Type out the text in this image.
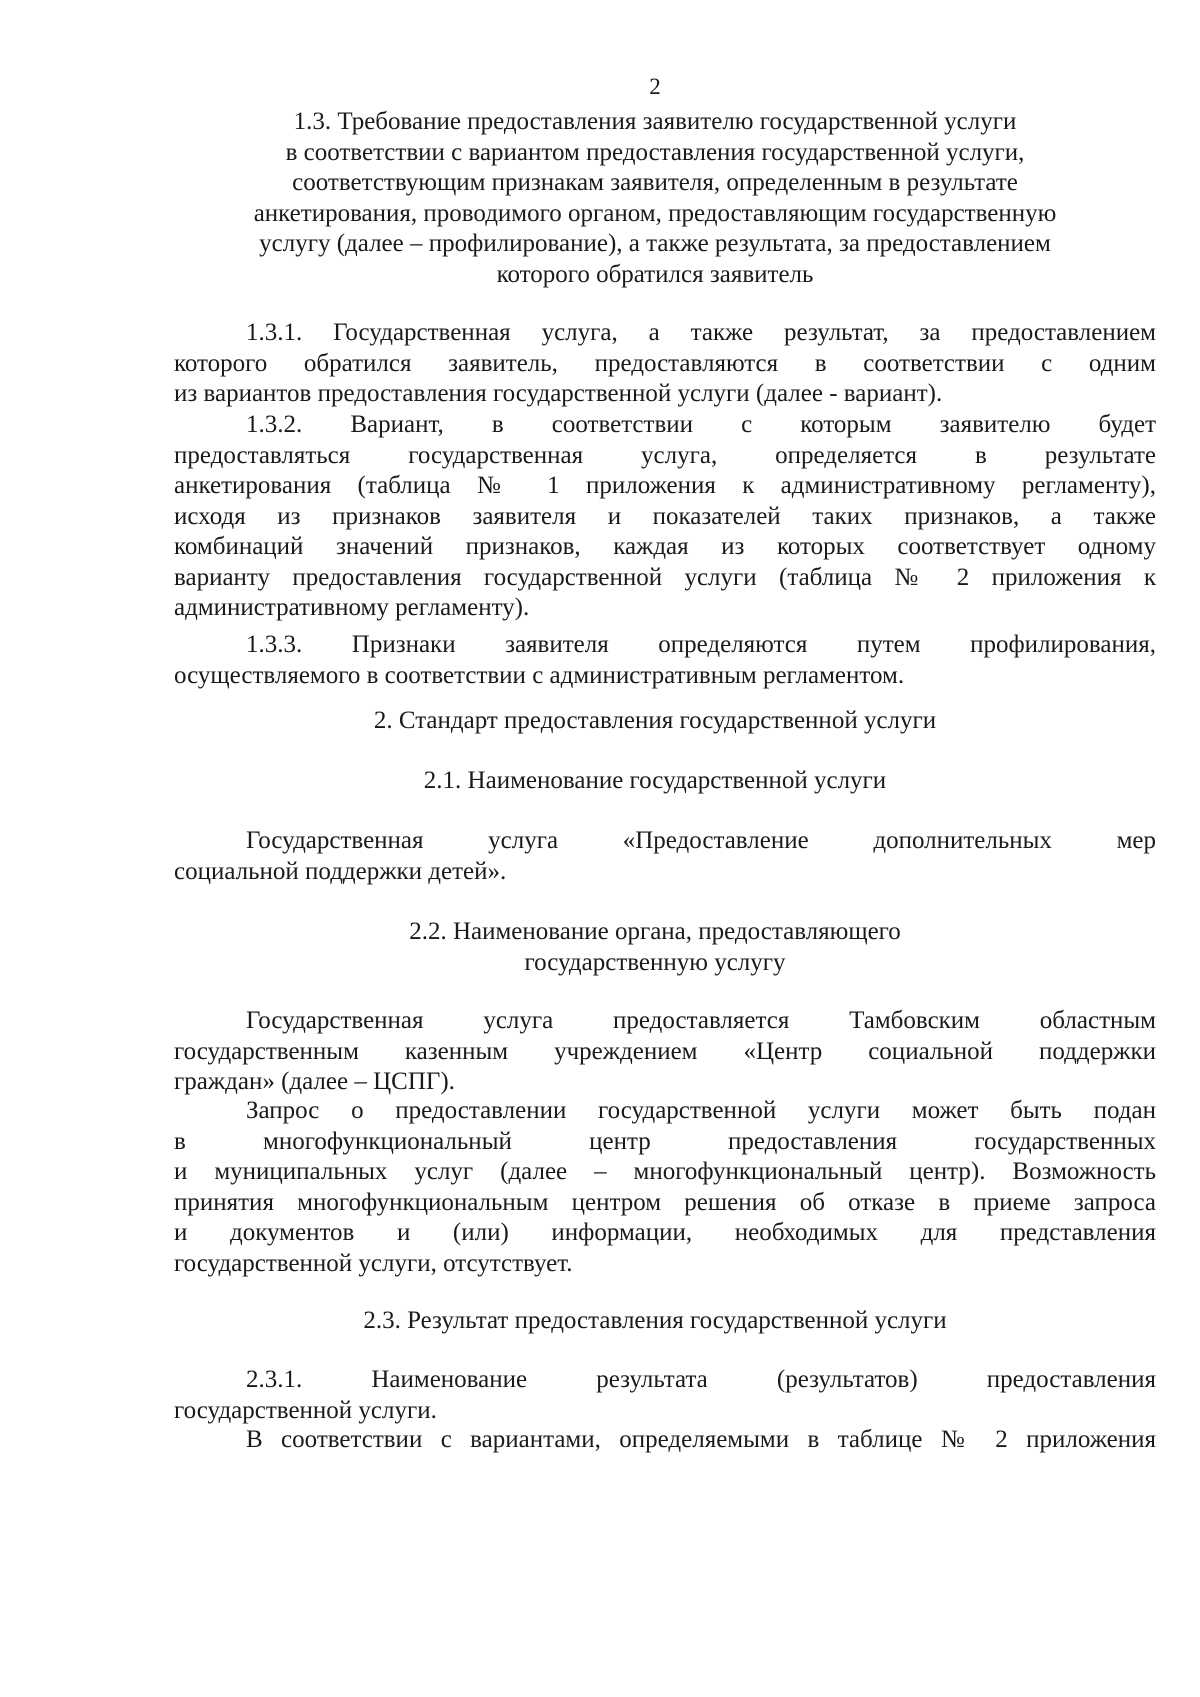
2
1.3. Требование предоставления заявителю государственной услуги
в соответствии с вариантом предоставления государственной услуги,
соответствующим признакам заявителя, определенным в результате
анкетирования, проводимого органом, предоставляющим государственную
услугу (далее – профилирование), а также результата, за предоставлением
которого обратился заявитель
1.3.1. Государственная услуга, а также результат, за предоставлением
которого обратился заявитель, предоставляются в соответствии с одним
из вариантов предоставления государственной услуги (далее - вариант).
1.3.2. Вариант, в соответствии с которым заявителю будет
предоставляться государственная услуга, определяется в результате
анкетирования (таблица № 1 приложения к административному регламенту),
исходя из признаков заявителя и показателей таких признаков, а также
комбинаций значений признаков, каждая из которых соответствует одному
варианту предоставления государственной услуги (таблица № 2 приложения к
административному регламенту).
1.3.3. Признаки заявителя определяются путем профилирования,
осуществляемого в соответствии с административным регламентом.
2. Стандарт предоставления государственной услуги
2.1. Наименование государственной услуги
Государственная услуга «Предоставление дополнительных мер
социальной поддержки детей».
2.2. Наименование органа, предоставляющего
государственную услугу
Государственная услуга предоставляется Тамбовским областным
государственным казенным учреждением «Центр социальной поддержки
граждан» (далее – ЦСПГ).
Запрос о предоставлении государственной услуги может быть подан
в многофункциональный центр предоставления государственных
и муниципальных услуг (далее – многофункциональный центр). Возможность
принятия многофункциональным центром решения об отказе в приеме запроса
и документов и (или) информации, необходимых для представления
государственной услуги, отсутствует.
2.3. Результат предоставления государственной услуги
2.3.1. Наименование результата (результатов) предоставления
государственной услуги.
В соответствии с вариантами, определяемыми в таблице № 2 приложения
